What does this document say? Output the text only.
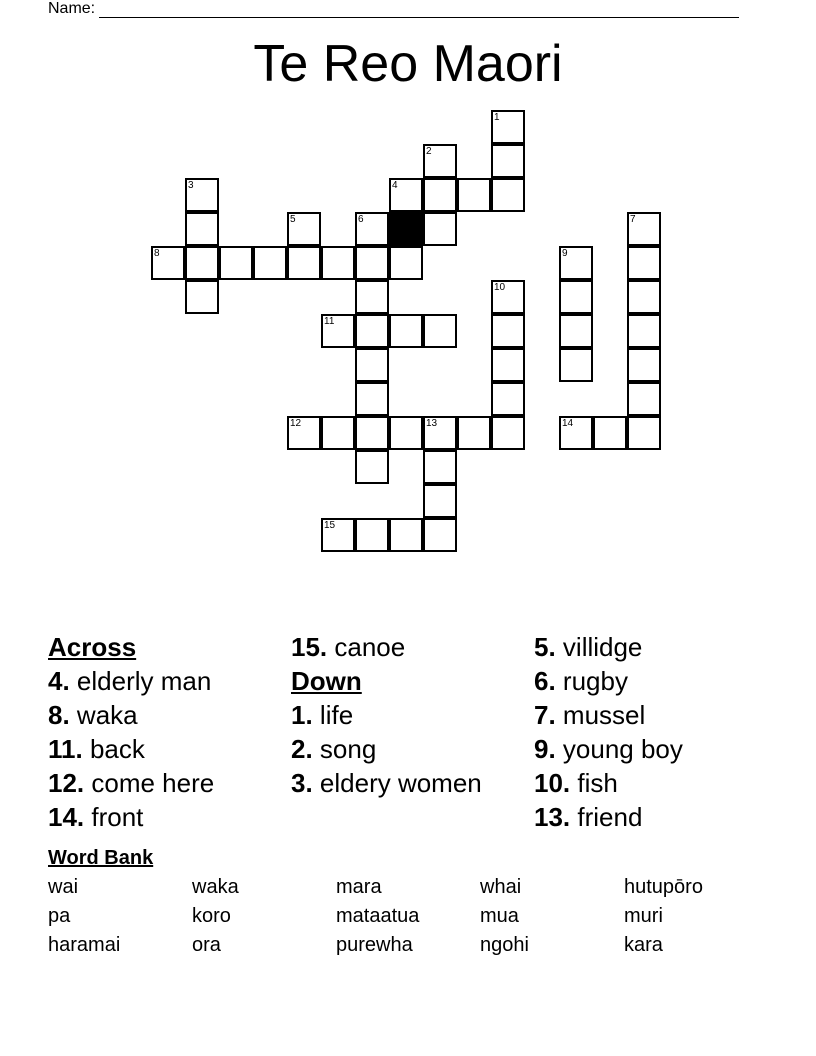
Name:
Te Reo Maori
1
2
3	4
5	6	7
8	9
10
11
12	13	14
15
Across
4. elderly man
8. waka
11. back
12. come here
14. front
15. canoe
Down
1. life
2. song
3. eldery women
5. villidge
6. rugby
7. mussel
9. young boy
10. fish
13. friend
Word Bank
wai	waka	mara	whai	hutupōro
pa	koro	mataatua	mua	muri
haramai	ora	purewha	ngohi	kara
